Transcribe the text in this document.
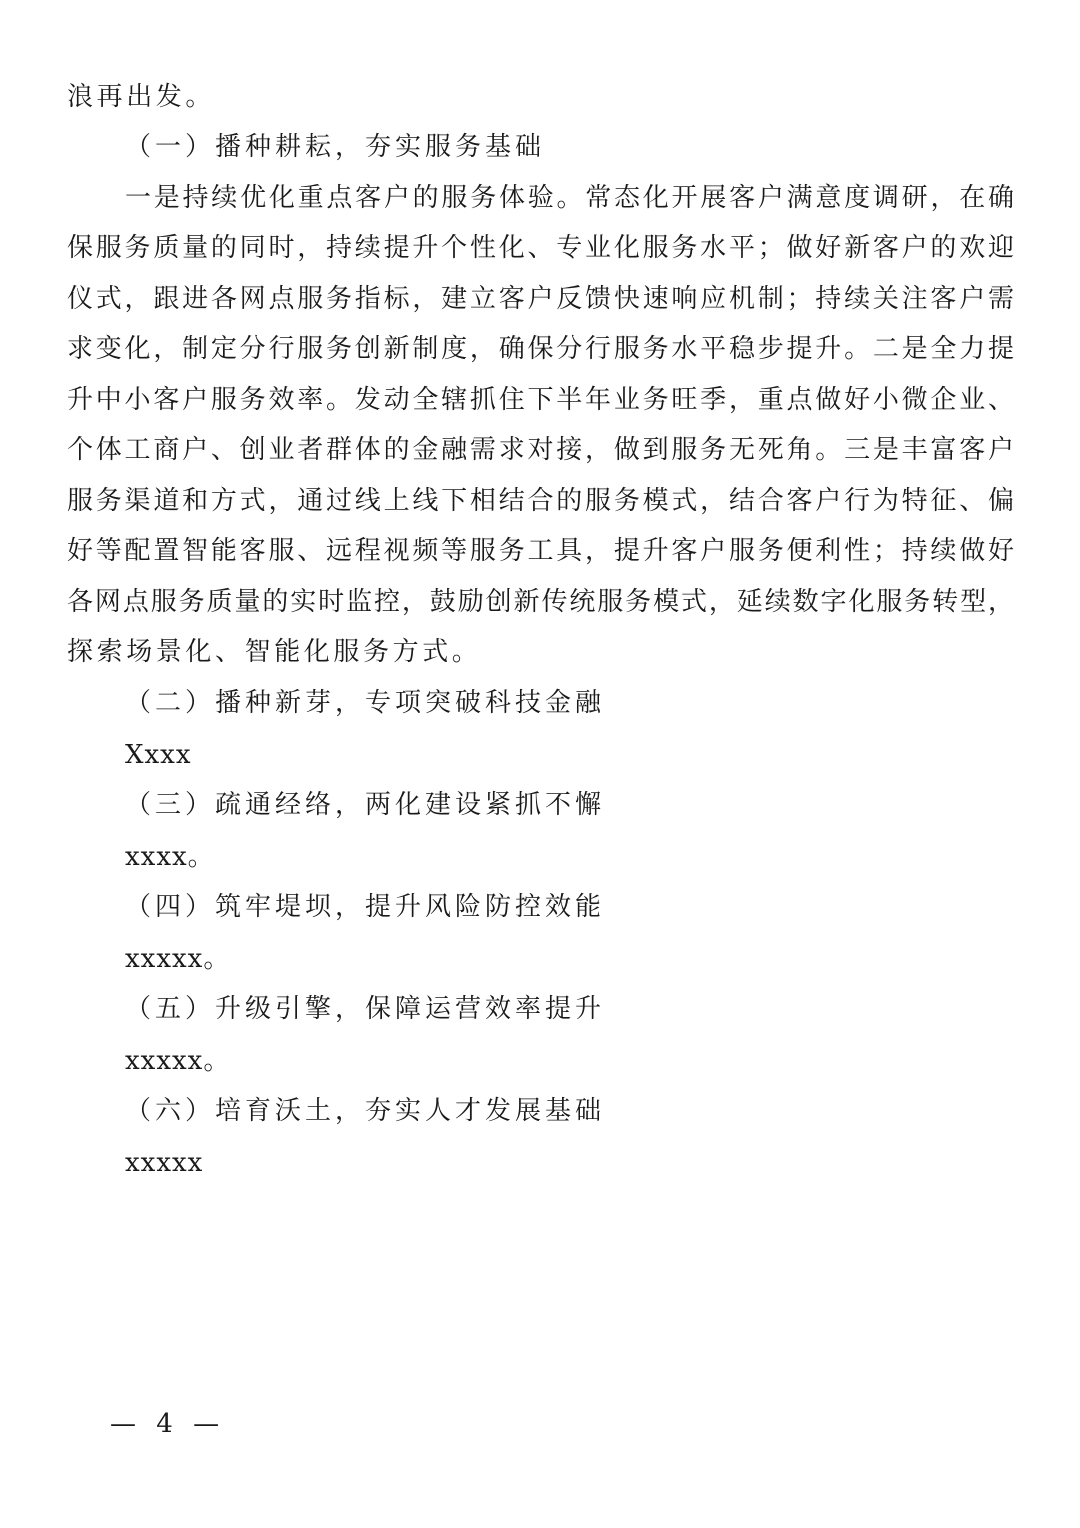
浪再出发。
（一）播种耕耘，夯实服务基础
一是持续优化重点客户的服务体验。常态化开展客户满意度调研，在确
保服务质量的同时，持续提升个性化、专业化服务水平；做好新客户的欢迎
仪式，跟进各网点服务指标，建立客户反馈快速响应机制；持续关注客户需
求变化，制定分行服务创新制度，确保分行服务水平稳步提升。二是全力提
升中小客户服务效率。发动全辖抓住下半年业务旺季，重点做好小微企业、
个体工商户、创业者群体的金融需求对接，做到服务无死角。三是丰富客户
服务渠道和方式，通过线上线下相结合的服务模式，结合客户行为特征、偏
好等配置智能客服、远程视频等服务工具，提升客户服务便利性；持续做好
各网点服务质量的实时监控，鼓励创新传统服务模式，延续数字化服务转型，
探索场景化、智能化服务方式。
（二）播种新芽，专项突破科技金融
Xxxx
（三）疏通经络，两化建设紧抓不懈
xxxx。
（四）筑牢堤坝，提升风险防控效能
xxxxx。
（五）升级引擎，保障运营效率提升
xxxxx。
（六）培育沃土，夯实人才发展基础
xxxxx
— 4 —
